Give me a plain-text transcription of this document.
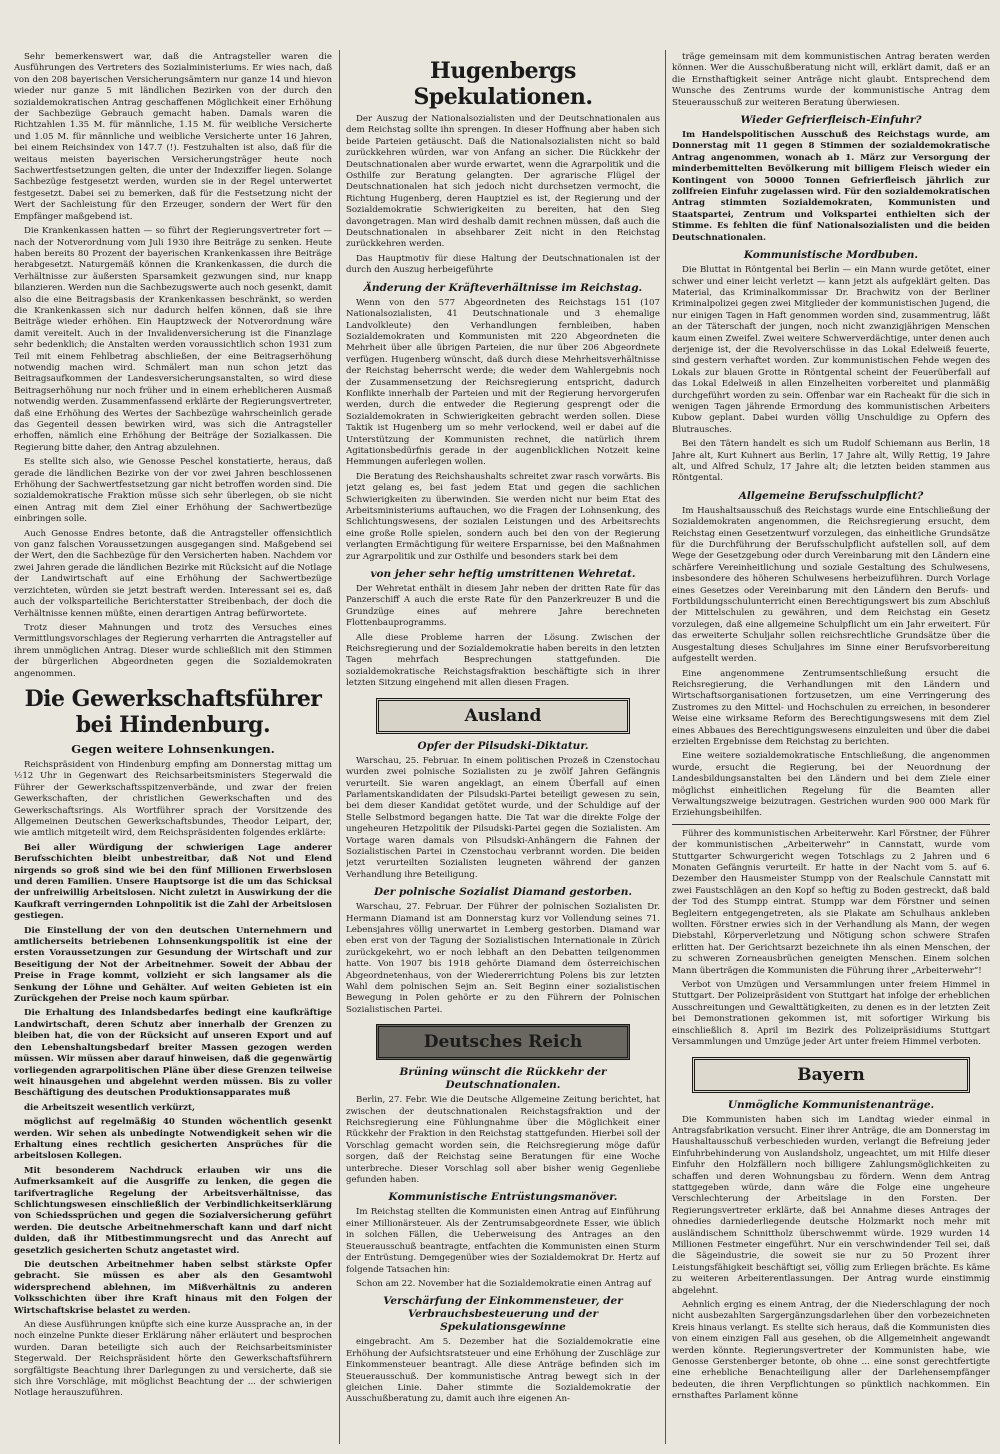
Sehr bemerkenswert war, daß die Antragsteller waren die Ausführungen des Vertreters des Sozialministeriums. Er wies nach, daß von den 208 bayerischen Versicherungsämtern nur ganze 14 und hievon wieder nur ganze 5 mit ländlichen Bezirken von der durch den sozialdemokratischen Antrag geschaffenen Möglichkeit einer Erhöhung der Sachbezüge Gebrauch gemacht haben. Damals waren die Richtzahlen 1.35 M. für männliche, 1.15 M. für weibliche Versicherte und 1.05 M. für männliche und weibliche Versicherte unter 16 Jahren, bei einem Reichsindex von 147.7 (!). Festzuhalten ist also, daß für die weitaus meisten bayerischen Versicherungsträger heute noch Sachwertfestsetzungen gelten, die unter der Indexziffer liegen. Solange Sachbezüge festgesetzt werden, wurden sie in der Regel unterwertet festgesetzt. Dabei sei zu bemerken, daß für die Festsetzung nicht der Wert der Sachleistung für den Erzeuger, sondern der Wert für den Empfänger maßgebend ist.

Die Krankenkassen hatten — so führt der Regierungsvertreter fort — nach der Notverordnung vom Juli 1930 ihre Beiträge zu senken. Heute haben bereits 80 Prozent der bayerischen Krankenkassen ihre Beiträge herabgesetzt. Naturgemäß können die Krankenkassen, die durch die Verhältnisse zur äußersten Sparsamkeit gezwungen sind, nur knapp bilanzieren. Werden nun die Sachbezugswerte auch noch gesenkt, damit also die eine Beitragsbasis der Krankenkassen beschränkt, so werden die Krankenkassen sich nur dadurch helfen können, daß sie ihre Beiträge wieder erhöhen. Ein Hauptzweck der Notverordnung wäre damit vereitelt. Auch in der Invalidenversicherung ist die Finanzlage sehr bedenklich; die Anstalten werden voraussichtlich schon 1931 zum Teil mit einem Fehlbetrag abschließen, der eine Beitragserhöhung notwendig machen wird. Schmälert man nun schon jetzt das Beitragsaufkommen der Landesversicherungsanstalten, so wird diese Beitragserhöhung nur noch früher und in einem erheblicheren Ausmaß notwendig werden. Zusammenfassend erklärte der Regierungsvertreter, daß eine Erhöhung des Wertes der Sachbezüge wahrscheinlich gerade das Gegenteil dessen bewirken wird, was sich die Antragsteller erhoffen, nämlich eine Erhöhung der Beiträge der Sozialkassen. Die Regierung bitte daher, den Antrag abzulehnen.

Es stellte sich also, wie Genosse Peschel konstatierte, heraus, daß gerade die ländlichen Bezirke von der vor zwei Jahren beschlossenen Erhöhung der Sachwertfestsetzung gar nicht betroffen worden sind. Die sozialdemokratische Fraktion müsse sich sehr überlegen, ob sie nicht einen Antrag mit dem Ziel einer Erhöhung der Sachwertbezüge einbringen solle.

Auch Genosse Endres betonte, daß die Antragsteller offensichtlich von ganz falschen Voraussetzungen ausgegangen sind. Maßgebend sei der Wert, den die Sachbezüge für den Versicherten haben. Nachdem vor zwei Jahren gerade die ländlichen Bezirke mit Rücksicht auf die Notlage der Landwirtschaft auf eine Erhöhung der Sachwertbezüge verzichteten, würden sie jetzt bestraft werden. Interessant sei es, daß auch der volksparteiliche Berichterstatter Streibenbach, der doch die Verhältnisse kennen müßte, einen derartigen Antrag befürwortete.

Trotz dieser Mahnungen und trotz des Versuches eines Vermittlungsvorschlages der Regierung verharrten die Antragsteller auf ihrem unmöglichen Antrag. Dieser wurde schließlich mit den Stimmen der bürgerlichen Abgeordneten gegen die Sozialdemokraten angenommen.

Die Gewerkschaftsführer bei Hindenburg.
Gegen weitere Lohnsenkungen.

Reichspräsident von Hindenburg empfing am Donnerstag mittag um ½12 Uhr in Gegenwart des Reichsarbeitsministers Stegerwald die Führer der Gewerkschaftsspitzenverbände, und zwar der freien Gewerkschaften, der christlichen Gewerkschaften und des Gewerkschaftsrings. Als Wortführer sprach der Vorsitzende des Allgemeinen Deutschen Gewerkschaftsbundes, Theodor Leipart, der, wie amtlich mitgeteilt wird, dem Reichspräsidenten folgendes erklärte:

Bei aller Würdigung der schwierigen Lage anderer Berufsschichten bleibt unbestreitbar, daß Not und Elend nirgends so groß sind wie bei den fünf Millionen Erwerbslosen und deren Familien. Unsere Hauptsorge ist die um das Schicksal der unfreiwillig Arbeitslosen. Nicht zuletzt in Auswirkung der die Kaufkraft verringernden Lohnpolitik ist die Zahl der Arbeitslosen gestiegen.

Die Einstellung der von den deutschen Unternehmern und amtlicherseits betriebenen Lohnsenkungspolitik ist eine der ersten Voraussetzungen zur Gesundung der Wirtschaft und zur Beseitigung der Not der Arbeitnehmer. Soweit der Abbau der Preise in Frage kommt, vollzieht er sich langsamer als die Senkung der Löhne und Gehälter. Auf weiten Gebieten ist ein Zurückgehen der Preise noch kaum spürbar.

Die Erhaltung des Inlandsbedarfes bedingt eine kaufkräftige Landwirtschaft, deren Schutz aber innerhalb der Grenzen zu bleiben hat, die von der Rücksicht auf unseren Export und auf den Lebenshaltungsbedarf breiter Massen gezogen werden müssen. Wir müssen aber darauf hinweisen, daß die gegenwärtig vorliegenden agrarpolitischen Pläne über diese Grenzen teilweise weit hinausgehen und abgelehnt werden müssen. Bis zu voller Beschäftigung des deutschen Produktionsapparates muß

die Arbeitszeit wesentlich verkürzt,

möglichst auf regelmäßig 40 Stunden wöchentlich gesenkt werden. Wir sehen als unbedingte Notwendigkeit sehen wir die Erhaltung eines rechtlich gesicherten Ansprüches für die arbeitslosen Kollegen.

Mit besonderem Nachdruck erlauben wir uns die Aufmerksamkeit auf die Ausgriffe zu lenken, die gegen die tarifvertragliche Regelung der Arbeitsverhältnisse, das Schlichtungswesen einschließlich der Verbindlichkeitserklärung von Schiedssprüchen und gegen die Sozialversicherung geführt werden. Die deutsche Arbeitnehmerschaft kann und darf nicht dulden, daß ihr Mitbestimmungsrecht und das Anrecht auf gesetzlich gesicherten Schutz angetastet wird.

Die deutschen Arbeitnehmer haben selbst stärkste Opfer gebracht. Sie müssen es aber als den Gesamtwohl widersprechend ablehnen, im Mißverhältnis zu anderen Volksschichten über ihre Kraft hinaus mit den Folgen der Wirtschaftskrise belastet zu werden.

An diese Ausführungen knüpfte sich eine kurze Aussprache an, in der noch einzelne Punkte dieser Erklärung näher erläutert und besprochen wurden. Daran beteiligte sich auch der Reichsarbeitsminister Stegerwald. Der Reichspräsident hörte den Gewerkschaftsführern sorgfältigste Beachtung ihrer Darlegungen zu und versicherte, daß sie sich ihre Vorschläge, mit möglichst Beachtung der ... der schwierigen Notlage herauszuführen.

Hugenbergs Spekulationen.

Der Auszug der Nationalsozialisten und der Deutschnationalen aus dem Reichstag sollte ihn sprengen. In dieser Hoffnung aber haben sich beide Parteien getäuscht. Daß die Nationalsozialisten nicht so bald zurückkehren würden, war von Anfang an sicher. Die Rückkehr der Deutschnationalen aber wurde erwartet, wenn die Agrarpolitik und die Osthilfe zur Beratung gelangten. Der agrarische Flügel der Deutschnationalen hat sich jedoch nicht durchsetzen vermocht, die Richtung Hugenberg, deren Hauptziel es ist, der Regierung und der Sozialdemokratie Schwierigkeiten zu bereiten, hat den Sieg davongetragen. Man wird deshalb damit rechnen müssen, daß auch die Deutschnationalen in absehbarer Zeit nicht in den Reichstag zurückkehren werden.

Das Hauptmotiv für diese Haltung der Deutschnationalen ist der durch den Auszug herbeigeführte

Änderung der Kräfteverhältnisse im Reichstag.

Wenn von den 577 Abgeordneten des Reichstags 151 (107 Nationalsozialisten, 41 Deutschnationale und 3 ehemalige Landvolkleute) den Verhandlungen fernbleiben, haben Sozialdemokraten und Kommunisten mit 220 Abgeordneten die Mehrheit über alle übrigen Parteien, die nur über 206 Abgeordnete verfügen. Hugenberg wünscht, daß durch diese Mehrheitsverhältnisse der Reichstag beherrscht werde; die weder dem Wahlergebnis noch der Zusammensetzung der Reichsregierung entspricht, dadurch Konflikte innerhalb der Parteien und mit der Regierung hervorgerufen werden, durch die entweder die Regierung gesprengt oder die Sozialdemokraten in Schwierigkeiten gebracht werden sollen. Diese Taktik ist Hugenberg um so mehr verlockend, weil er dabei auf die Unterstützung der Kommunisten rechnet, die natürlich ihrem Agitationsbedürfnis gerade in der augenblicklichen Notzeit keine Hemmungen auferlegen wollen.

Die Beratung des Reichshaushalts schreitet zwar rasch vorwärts. Bis jetzt gelang es, bei fast jedem Etat und gegen die sachlichen Schwierigkeiten zu überwinden. Sie werden nicht nur beim Etat des Arbeitsministeriums auftauchen, wo die Fragen der Lohnsenkung, des Schlichtungswesens, der sozialen Leistungen und des Arbeitsrechts eine große Rolle spielen, sondern auch bei den von der Regierung verlangten Ermächtigung für weitere Ersparnisse, bei den Maßnahmen zur Agrarpolitik und zur Osthilfe und besonders stark bei dem

von jeher sehr heftig umstrittenen Wehretat.

Der Wehretat enthält in diesem Jahr neben der dritten Rate für das Panzerschiff A auch die erste Rate für den Panzerkreuzer B und die Grundzüge eines auf mehrere Jahre berechneten Flottenbauprogramms.

Alle diese Probleme harren der Lösung. Zwischen der Reichsregierung und der Sozialdemokratie haben bereits in den letzten Tagen mehrfach Besprechungen stattgefunden. Die sozialdemokratische Reichstagsfraktion beschäftigte sich in ihrer letzten Sitzung eingehend mit allen diesen Fragen.

Ausland
Opfer der Pilsudski-Diktatur.

Warschau, 25. Februar. In einem politischen Prozeß in Czenstochau wurden zwei polnische Sozialisten zu je zwölf Jahren Gefängnis verurteilt. Sie waren angeklagt, an einem Überfall auf einen Parlamentskandidaten der Pilsudski-Partei beteiligt gewesen zu sein, bei dem dieser Kandidat getötet wurde, und der Schuldige auf der Stelle Selbstmord begangen hatte. Die Tat war die direkte Folge der ungeheuren Hetzpolitik der Pilsudski-Partei gegen die Sozialisten. Am Vortage waren damals von Pilsudski-Anhängern die Fahnen der Sozialistischen Partei in Czenstochau verbrannt worden. Die beiden jetzt verurteilten Sozialisten leugneten während der ganzen Verhandlung ihre Beteiligung.

Der polnische Sozialist Diamand gestorben.

Warschau, 27. Februar. Der Führer der polnischen Sozialisten Dr. Hermann Diamand ist am Donnerstag kurz vor Vollendung seines 71. Lebensjahres völlig unerwartet in Lemberg gestorben. Diamand war eben erst von der Tagung der Sozialistischen Internationale in Zürich zurückgekehrt, wo er noch lebhaft an den Debatten teilgenommen hatte. Von 1907 bis 1918 gehörte Diamand dem österreichischen Abgeordnetenhaus, von der Wiedererrichtung Polens bis zur letzten Wahl dem polnischen Sejm an. Seit Beginn einer sozialistischen Bewegung in Polen gehörte er zu den Führern der Polnischen Sozialistischen Partei.

Deutsches Reich
Brüning wünscht die Rückkehr der Deutschnationalen.

Berlin, 27. Febr. Wie die Deutsche Allgemeine Zeitung berichtet, hat zwischen der deutschnationalen Reichstagsfraktion und der Reichsregierung eine Fühlungnahme über die Möglichkeit einer Rückkehr der Fraktion in den Reichstag stattgefunden. Hierbei soll der Vorschlag gemacht worden sein, die Reichsregierung möge dafür sorgen, daß der Reichstag seine Beratungen für eine Woche unterbreche. Dieser Vorschlag soll aber bisher wenig Gegenliebe gefunden haben.

Kommunistische Entrüstungsmanöver.

Im Reichstag stellten die Kommunisten einen Antrag auf Einführung einer Millionärsteuer. Als der Zentrumsabgeordnete Esser, wie üblich in solchen Fällen, die Ueberweisung des Antrages an den Steuerausschuß beantragte, entfachten die Kommunisten einen Sturm der Entrüstung. Demgegenüber wies der Sozialdemokrat Dr. Hertz auf folgende Tatsachen hin:

Schon am 22. November hat die Sozialdemokratie einen Antrag auf

Verschärfung der Einkommensteuer, der Verbrauchsbesteuerung und der Spekulationsgewinne

eingebracht. Am 5. Dezember hat die Sozialdemokratie eine Erhöhung der Aufsichtsratsteuer und eine Erhöhung der Zuschläge zur Einkommensteuer beantragt. Alle diese Anträge befinden sich im Steuerausschuß. Der kommunistische Antrag bewegt sich in der gleichen Linie. Daher stimmte die Sozialdemokratie der Ausschußberatung zu, damit auch ihre eigenen An-

träge gemeinsam mit dem kommunistischen Antrag beraten werden können. Wer die Ausschußberatung nicht will, erklärt damit, daß er an die Ernsthaftigkeit seiner Anträge nicht glaubt. Entsprechend dem Wunsche des Zentrums wurde der kommunistische Antrag dem Steuerausschuß zur weiteren Beratung überwiesen.

Wieder Gefrierfleisch-Einfuhr?

Im Handelspolitischen Ausschuß des Reichstags wurde, am Donnerstag mit 11 gegen 8 Stimmen der sozialdemokratische Antrag angenommen, wonach ab 1. März zur Versorgung der minderbemittelten Bevölkerung mit billigem Fleisch wieder ein Kontingent von 50000 Tonnen Gefrierfleisch jährlich zur zollfreien Einfuhr zugelassen wird. Für den sozialdemokratischen Antrag stimmten Sozialdemokraten, Kommunisten und Staatspartei, Zentrum und Volkspartei enthielten sich der Stimme. Es fehlten die fünf Nationalsozialisten und die beiden Deutschnationalen.

Kommunistische Mordbuben.

Die Bluttat in Röntgental bei Berlin — ein Mann wurde getötet, einer schwer und einer leicht verletzt — kann jetzt als aufgeklärt gelten. Das Material, das Kriminalkommissar Dr. Brachwitz von der Berliner Kriminalpolizei gegen zwei Mitglieder der kommunistischen Jugend, die nur einigen Tagen in Haft genommen worden sind, zusammentrug, läßt an der Täterschaft der jungen, noch nicht zwanzigjährigen Menschen kaum einen Zweifel. Zwei weitere Schwerverdächtige, unter denen auch derjenige ist, der die Revolverschüsse in das Lokal Edelweiß feuerte, sind gestern verhaftet worden. Zur kommunistischen Fehde wegen des Lokals zur blauen Grotte in Röntgental scheint der Feuerüberfall auf das Lokal Edelweiß in allen Einzelheiten vorbereitet und planmäßig durchgeführt worden zu sein. Offenbar war ein Racheakt für die sich in wenigen Tagen jährende Ermordung des kommunistischen Arbeiters Kubow geplant. Dabei wurden völlig Unschuldige zu Opfern des Blutrausches.

Bei den Tätern handelt es sich um Rudolf Schiemann aus Berlin, 18 Jahre alt, Kurt Kuhnert aus Berlin, 17 Jahre alt, Willy Rettig, 19 Jahre alt, und Alfred Schulz, 17 Jahre alt; die letzten beiden stammen aus Röntgental.

Allgemeine Berufsschulpflicht?

Im Haushaltsausschuß des Reichstags wurde eine Entschließung der Sozialdemokraten angenommen, die Reichsregierung ersucht, dem Reichstag einen Gesetzentwurf vorzulegen, das einheitliche Grundsätze für die Durchführung der Berufsschulpflicht aufstellen soll, auf dem Wege der Gesetzgebung oder durch Vereinbarung mit den Ländern eine schärfere Vereinheitlichung und soziale Gestaltung des Schulwesens, insbesondere des höheren Schulwesens herbeizuführen. Durch Vorlage eines Gesetzes oder Vereinbarung mit den Ländern den Berufs- und Fortbildungsschulunterricht einen Berechtigungswert bis zum Abschluß der Mittelschulen zu gewähren, und dem Reichstag ein Gesetz vorzulegen, daß eine allgemeine Schulpflicht um ein Jahr erweitert. Für das erweiterte Schuljahr sollen reichsrechtliche Grundsätze über die Ausgestaltung dieses Schuljahres im Sinne einer Berufsvorbereitung aufgestellt werden.

Eine angenommene Zentrumsentschließung ersucht die Reichsregierung, die Verhandlungen mit den Ländern und Wirtschaftsorganisationen fortzusetzen, um eine Verringerung des Zustromes zu den Mittel- und Hochschulen zu erreichen, in besonderer Weise eine wirksame Reform des Berechtigungswesens mit dem Ziel eines Abbaues des Berechtigungswesens einzuleiten und über die dabei erzielten Ergebnisse dem Reichstag zu berichten.

Eine weitere sozialdemokratische Entschließung, die angenommen wurde, ersucht die Regierung, bei der Neuordnung der Landesbildungsanstalten bei den Ländern und bei dem Ziele einer möglichst einheitlichen Regelung für die Beamten aller Verwaltungszweige beizutragen. Gestrichen wurden 900 000 Mark für Erziehungsbeihilfen.

Führer des kommunistischen Arbeiterwehr. Karl Förstner, der Führer der kommunistischen „Arbeiterwehr“ in Cannstatt, wurde vom Stuttgarter Schwurgericht wegen Totschlags zu 2 Jahren und 6 Monaten Gefängnis verurteilt. Er hatte in der Nacht vom 5. auf 6. Dezember den Hausmeister Stumpp von der Realschule Cannstatt mit zwei Faustschlägen an den Kopf so heftig zu Boden gestreckt, daß bald der Tod des Stumpp eintrat. Stumpp war dem Förstner und seinen Begleitern entgegengetreten, als sie Plakate am Schulhaus ankleben wollten. Förstner erwies sich in der Verhandlung als Mann, der wegen Diebstahl, Körperverletzung und Nötigung schon schwere Strafen erlitten hat. Der Gerichtsarzt bezeichnete ihn als einen Menschen, der zu schweren Zorneausbrüchen geneigten Menschen. Einem solchen Mann überträgen die Kommunisten die Führung ihrer „Arbeiterwehr“!

Verbot von Umzügen und Versammlungen unter freiem Himmel in Stuttgart. Der Polizeipräsident von Stuttgart hat infolge der erheblichen Ausschreitungen und Gewalttätigkeiten, zu denen es in der letzten Zeit bei Demonstrationen gekommen ist, mit sofortiger Wirkung bis einschließlich 8. April im Bezirk des Polizeipräsidiums Stuttgart Versammlungen und Umzüge jeder Art unter freiem Himmel verboten.

Bayern
Unmögliche Kommunistenanträge.

Die Kommunisten haben sich im Landtag wieder einmal in Antragsfabrikation versucht. Einer ihrer Anträge, die am Donnerstag im Haushaltausschuß verbeschieden wurden, verlangt die Befreiung jeder Einfuhrbehinderung von Auslandsholz, ungeachtet, um mit Hilfe dieser Einfuhr den Holzfällern noch billigere Zahlungsmöglichkeiten zu schaffen und deren Wohnungsbau zu fördern. Wenn dem Antrag stattgegeben würde, dann wäre die Folge eine ungeheure Verschlechterung der Arbeitslage in den Forsten. Der Regierungsvertreter erklärte, daß bei Annahme dieses Antrages der ohnedies darniederliegende deutsche Holzmarkt noch mehr mit ausländischem Schnittholz überschwemmt würde. 1929 wurden 14 Millionen Festmeter eingeführt. Nur ein verschwindender Teil sei, daß die Sägeindustrie, die soweit sie nur zu 50 Prozent ihrer Leistungsfähigkeit beschäftigt sei, völlig zum Erliegen brächte. Es käme zu weiteren Arbeiterentlassungen. Der Antrag wurde einstimmig abgelehnt.

Aehnlich erging es einem Antrag, der die Niederschlagung der noch nicht ausbezahlten Sargergänzungsdarlehen über den vorbezeichneten Kreis hinaus verlangt. Es stellte sich heraus, daß die Kommunisten dies von einem einzigen Fall aus gesehen, ob die Allgemeinheit angewandt werden könnte. Regierungsvertreter der Kommunisten habe, wie Genosse Gerstenberger betonte, ob ohne ... eine sonst gerechtfertigte eine erhebliche Benachteiligung aller der Darlehensempfänger bedeuten, die ihren Verpflichtungen so pünktlich nachkommen. Ein ernsthaftes Parlament könne
